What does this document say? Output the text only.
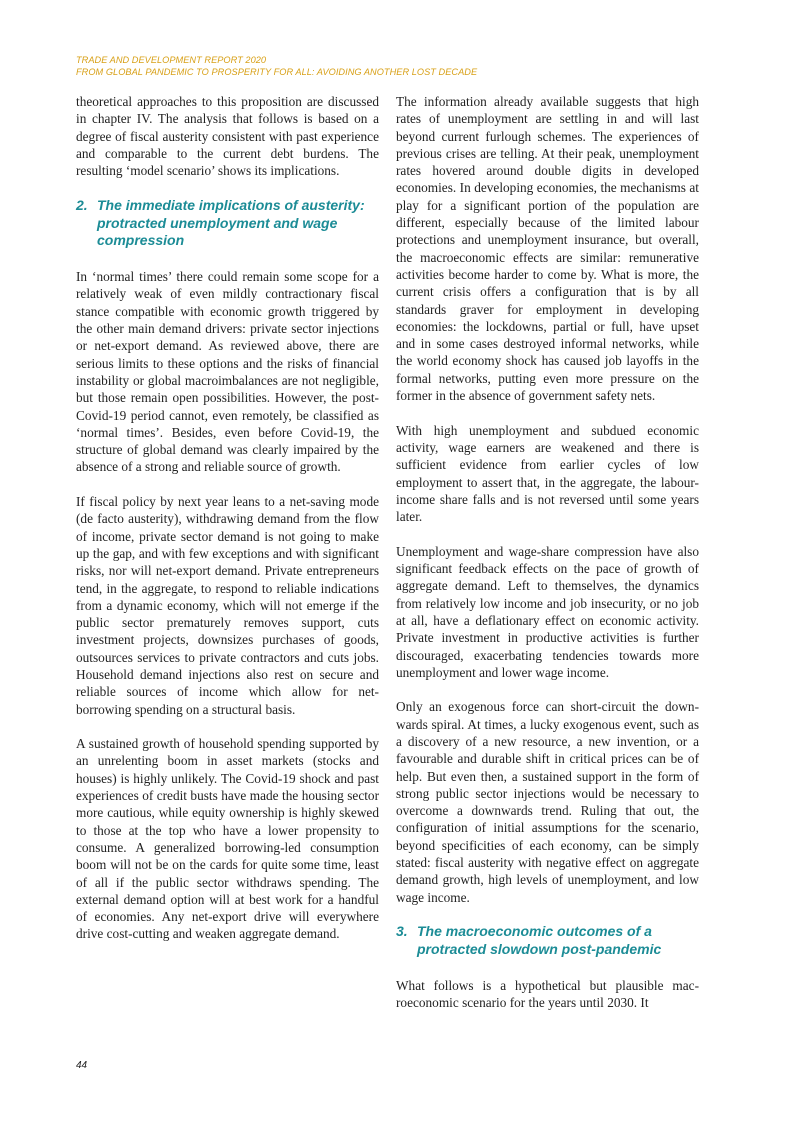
TRADE AND DEVELOPMENT REPORT 2020
FROM GLOBAL PANDEMIC TO PROSPERITY FOR ALL: AVOIDING ANOTHER LOST DECADE

theoretical approaches to this proposition are discussed in chapter IV. The analysis that follows is based on a degree of fiscal austerity consistent with past experience and comparable to the current debt burdens. The resulting ‘model scenario’ shows its implications.

2. The immediate implications of austerity: protracted unemployment and wage compression

In ‘normal times’ there could remain some scope for a relatively weak of even mildly contractionary fiscal stance compatible with economic growth triggered by the other main demand drivers: private sector injections or net-export demand. As reviewed above, there are serious limits to these options and the risks of financial instability or global macroimbalances are not negligible, but those remain open possibilities. However, the post-Covid-19 period cannot, even remotely, be classified as ‘normal times’. Besides, even before Covid-19, the structure of global demand was clearly impaired by the absence of a strong and reliable source of growth.

If fiscal policy by next year leans to a net-saving mode (de facto austerity), withdrawing demand from the flow of income, private sector demand is not going to make up the gap, and with few exceptions and with significant risks, nor will net-export demand. Private entrepreneurs tend, in the aggregate, to respond to reliable indications from a dynamic economy, which will not emerge if the public sector prematurely removes support, cuts investment projects, downsizes purchases of goods, outsources services to private contractors and cuts jobs. Household demand injections also rest on secure and reliable sources of income which allow for net-borrowing spending on a structural basis.

A sustained growth of household spending supported by an unrelenting boom in asset markets (stocks and houses) is highly unlikely. The Covid-19 shock and past experiences of credit busts have made the housing sector more cautious, while equity ownership is highly skewed to those at the top who have a lower propensity to consume. A generalized borrowing-led consumption boom will not be on the cards for quite some time, least of all if the public sector withdraws spending. The external demand option will at best work for a handful of economies. Any net-export drive will everywhere drive cost-cutting and weaken aggregate demand.

The information already available suggests that high rates of unemployment are settling in and will last beyond current furlough schemes. The experiences of previous crises are telling. At their peak, unemployment rates hovered around double digits in developed economies. In developing economies, the mechanisms at play for a significant portion of the population are different, especially because of the limited labour protections and unemployment insurance, but overall, the macroeconomic effects are similar: remunerative activities become harder to come by. What is more, the current crisis offers a configuration that is by all standards graver for employment in developing economies: the lockdowns, partial or full, have upset and in some cases destroyed informal networks, while the world economy shock has caused job layoffs in the formal networks, putting even more pressure on the former in the absence of government safety nets.

With high unemployment and subdued economic activity, wage earners are weakened and there is sufficient evidence from earlier cycles of low employment to assert that, in the aggregate, the labour-income share falls and is not reversed until some years later.

Unemployment and wage-share compression have also significant feedback effects on the pace of growth of aggregate demand. Left to themselves, the dynamics from relatively low income and job insecurity, or no job at all, have a deflationary effect on economic activity. Private investment in productive activities is further discouraged, exacerbating tendencies towards more unemployment and lower wage income.

Only an exogenous force can short-circuit the downwards spiral. At times, a lucky exogenous event, such as a discovery of a new resource, a new invention, or a favourable and durable shift in critical prices can be of help. But even then, a sustained support in the form of strong public sector injections would be necessary to overcome a downwards trend. Ruling that out, the configuration of initial assumptions for the scenario, beyond specificities of each economy, can be simply stated: fiscal austerity with negative effect on aggregate demand growth, high levels of unemployment, and low wage income.

3. The macroeconomic outcomes of a protracted slowdown post-pandemic

What follows is a hypothetical but plausible macroeconomic scenario for the years until 2030. It

44
